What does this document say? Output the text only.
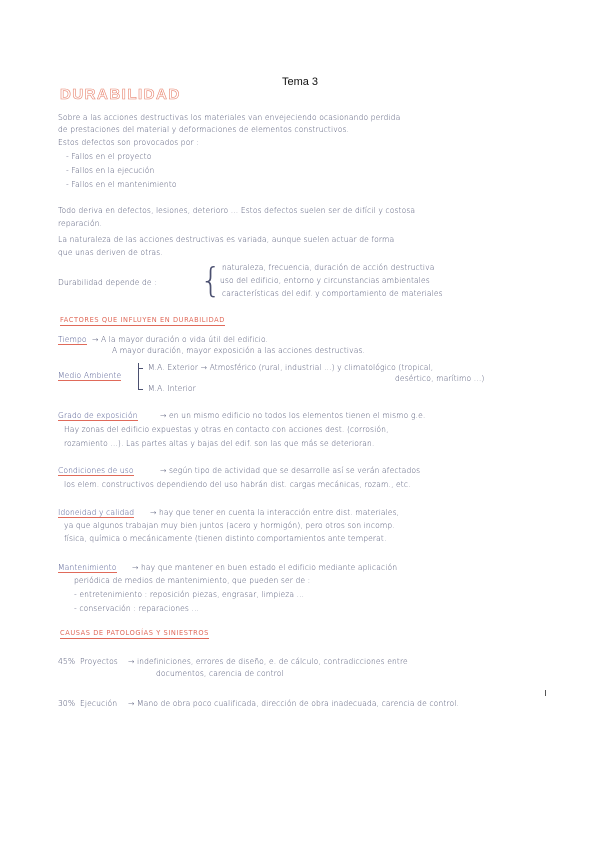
Tema 3
DURABILIDAD
Sobre a las acciones destructivas los materiales van envejeciendo ocasionando perdida
de prestaciones del material y deformaciones de elementos constructivos.
Estos defectos son provocados por :
- Fallos en el proyecto
- Fallos en la ejecución
- Fallos en el mantenimiento
Todo deriva en defectos, lesiones, deterioro ... Estos defectos suelen ser de difícil y costosa
reparación.
La naturaleza de las acciones destructivas es variada, aunque suelen actuar de forma
que unas deriven de otras.
Durabilidad depende de : { naturaleza, frecuencia, duración de acción destructiva
uso del edificio, entorno y circunstancias ambientales
características del edif. y comportamiento de materiales
FACTORES QUE INFLUYEN EN DURABILIDAD
Tiempo → A la mayor duración o vida útil del edificio.
A mayor duración, mayor exposición a las acciones destructivas.
Medio Ambiente
M.A. Exterior → Atmosférico (rural, industrial ...) y climatológico (tropical,
desértico, marítimo ...)
M.A. Interior
Grado de exposición	→ en un mismo edificio no todos los elementos tienen el mismo g.e.
Hay zonas del edificio expuestas y otras en contacto con acciones dest. (corrosión,
rozamiento ...). Las partes altas y bajas del edif. son las que más se deterioran.
Condiciones de uso	→ según tipo de actividad que se desarrolle así se verán afectados
los elem. constructivos dependiendo del uso habrán dist. cargas mecánicas, rozam., etc.
Idoneidad y calidad → hay que tener en cuenta la interacción entre dist. materiales,
ya que algunos trabajan muy bien juntos (acero y hormigón), pero otros son incomp.
física, química o mecánicamente (tienen distinto comportamientos ante temperat.
Mantenimiento → hay que mantener en buen estado el edificio mediante aplicación
periódica de medios de mantenimiento, que pueden ser de :
- entretenimiento : reposición piezas, engrasar, limpieza ...
- conservación : reparaciones ...
CAUSAS DE PATOLOGÍAS Y SINIESTROS
45% Proyectos → indefiniciones, errores de diseño, e. de cálculo, contradicciones entre
documentos, carencia de control
30% Ejecución → Mano de obra poco cualificada, dirección de obra inadecuada, carencia de control.
